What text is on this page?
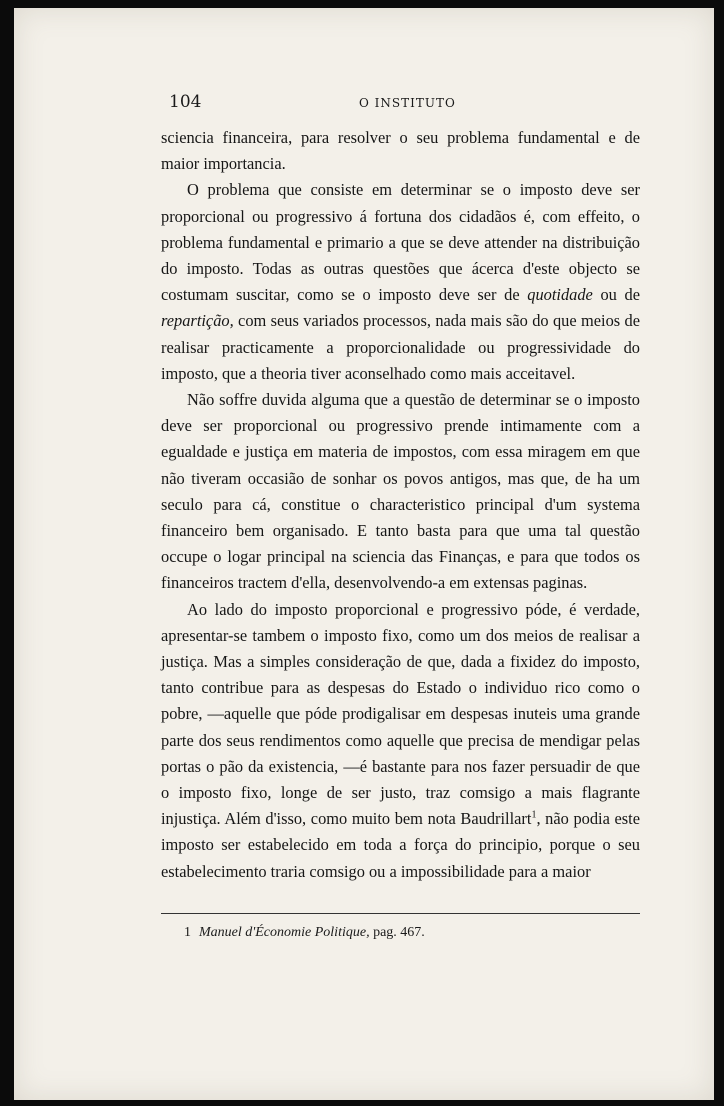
104	O INSTITUTO

sciencia financeira, para resolver o seu problema fundamental e de maior importancia.

O problema que consiste em determinar se o imposto deve ser proporcional ou progressivo á fortuna dos cidadãos é, com effeito, o problema fundamental e primario a que se deve attender na distribuição do imposto. Todas as outras questões que ácerca d'este objecto se costumam suscitar, como se o imposto deve ser de quotidade ou de repartição, com seus variados processos, nada mais são do que meios de realisar practicamente a proporcionalidade ou progressividade do imposto, que a theoria tiver aconselhado como mais acceitavel.

Não soffre duvida alguma que a questão de determinar se o imposto deve ser proporcional ou progressivo prende intimamente com a egualdade e justiça em materia de impostos, com essa miragem em que não tiveram occasião de sonhar os povos antigos, mas que, de ha um seculo para cá, constitue o characteristico principal d'um systema financeiro bem organisado. E tanto basta para que uma tal questão occupe o logar principal na sciencia das Finanças, e para que todos os financeiros tractem d'ella, desenvolvendo-a em extensas paginas.

Ao lado do imposto proporcional e progressivo póde, é verdade, apresentar-se tambem o imposto fixo, como um dos meios de realisar a justiça. Mas a simples consideração de que, dada a fixidez do imposto, tanto contribue para as despesas do Estado o individuo rico como o pobre, —aquelle que póde prodigalisar em despesas inuteis uma grande parte dos seus rendimentos como aquelle que precisa de mendigar pelas portas o pão da existencia, —é bastante para nos fazer persuadir de que o imposto fixo, longe de ser justo, traz comsigo a mais flagrante injustiça. Além d'isso, como muito bem nota Baudrillart$^1$, não podia este imposto ser estabelecido em toda a força do principio, porque o seu estabelecimento traria comsigo ou a impossibilidade para a maior

1 Manuel d'Économie Politique, pag. 467.
